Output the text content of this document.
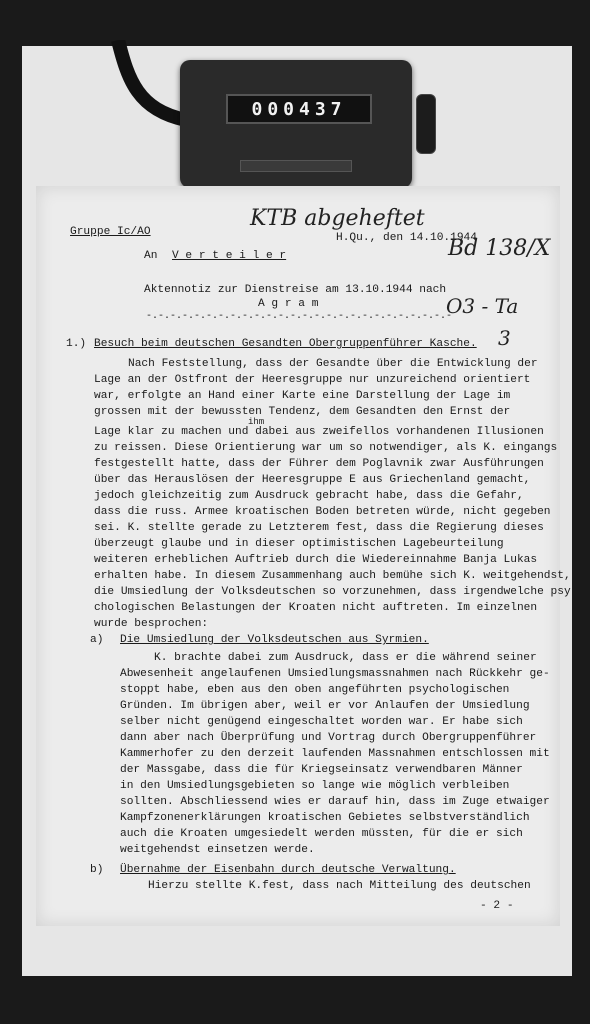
000437
Gruppe Ic/AO	H.Qu., den 14.10.1944
An V e r t e i l e r
Aktennotiz zur Dienstreise am 13.10.1944 nach
A g r a m
-.-.-.-.-.-.-.-.-.-.-.-.-.-.-.-.-.-.-.-.-.-.-.-.-.-
KTB abgeheftet
Bd 138/X
O3 - Ta
3
1.) Besuch beim deutschen Gesandten Obergruppenführer Kasche.
Nach Feststellung, dass der Gesandte über die Entwicklung der
Lage an der Ostfront der Heeresgruppe nur unzureichend orientiert
war, erfolgte an Hand einer Karte eine Darstellung der Lage im
grossen mit der bewussten Tendenz, dem Gesandten den Ernst der
ihm
Lage klar zu machen und dabei aus zweifellos vorhandenen Illusionen
zu reissen. Diese Orientierung war um so notwendiger, als K. eingangs
festgestellt hatte, dass der Führer dem Poglavnik zwar Ausführungen
über das Herauslösen der Heeresgruppe E aus Griechenland gemacht,
jedoch gleichzeitig zum Ausdruck gebracht habe, dass die Gefahr,
dass die russ. Armee kroatischen Boden betreten würde, nicht gegeben
sei. K. stellte gerade zu Letzterem fest, dass die Regierung dieses
überzeugt glaube und in dieser optimistischen Lagebeurteilung
weiteren erheblichen Auftrieb durch die Wiedereinnahme Banja Lukas
erhalten habe. In diesem Zusammenhang auch bemühe sich K. weitgehendst,
die Umsiedlung der Volksdeutschen so vorzunehmen, dass irgendwelche psy-
chologischen Belastungen der Kroaten nicht auftreten. Im einzelnen
wurde besprochen:
a) Die Umsiedlung der Volksdeutschen aus Syrmien.
K. brachte dabei zum Ausdruck, dass er die während seiner
Abwesenheit angelaufenen Umsiedlungsmassnahmen nach Rückkehr ge-
stoppt habe, eben aus den oben angeführten psychologischen
Gründen. Im übrigen aber, weil er vor Anlaufen der Umsiedlung
selber nicht genügend eingeschaltet worden war. Er habe sich
dann aber nach Überprüfung und Vortrag durch Obergruppenführer
Kammerhofer zu den derzeit laufenden Massnahmen entschlossen mit
der Massgabe, dass die für Kriegseinsatz verwendbaren Männer
in den Umsiedlungsgebieten so lange wie möglich verbleiben
sollten. Abschliessend wies er darauf hin, dass im Zuge etwaiger
Kampfzonenerklärungen kroatischen Gebietes selbstverständlich
auch die Kroaten umgesiedelt werden müssten, für die er sich
weitgehendst einsetzen werde.
b) Übernahme der Eisenbahn durch deutsche Verwaltung.
Hierzu stellte K.fest, dass nach Mitteilung des deutschen
- 2 -
